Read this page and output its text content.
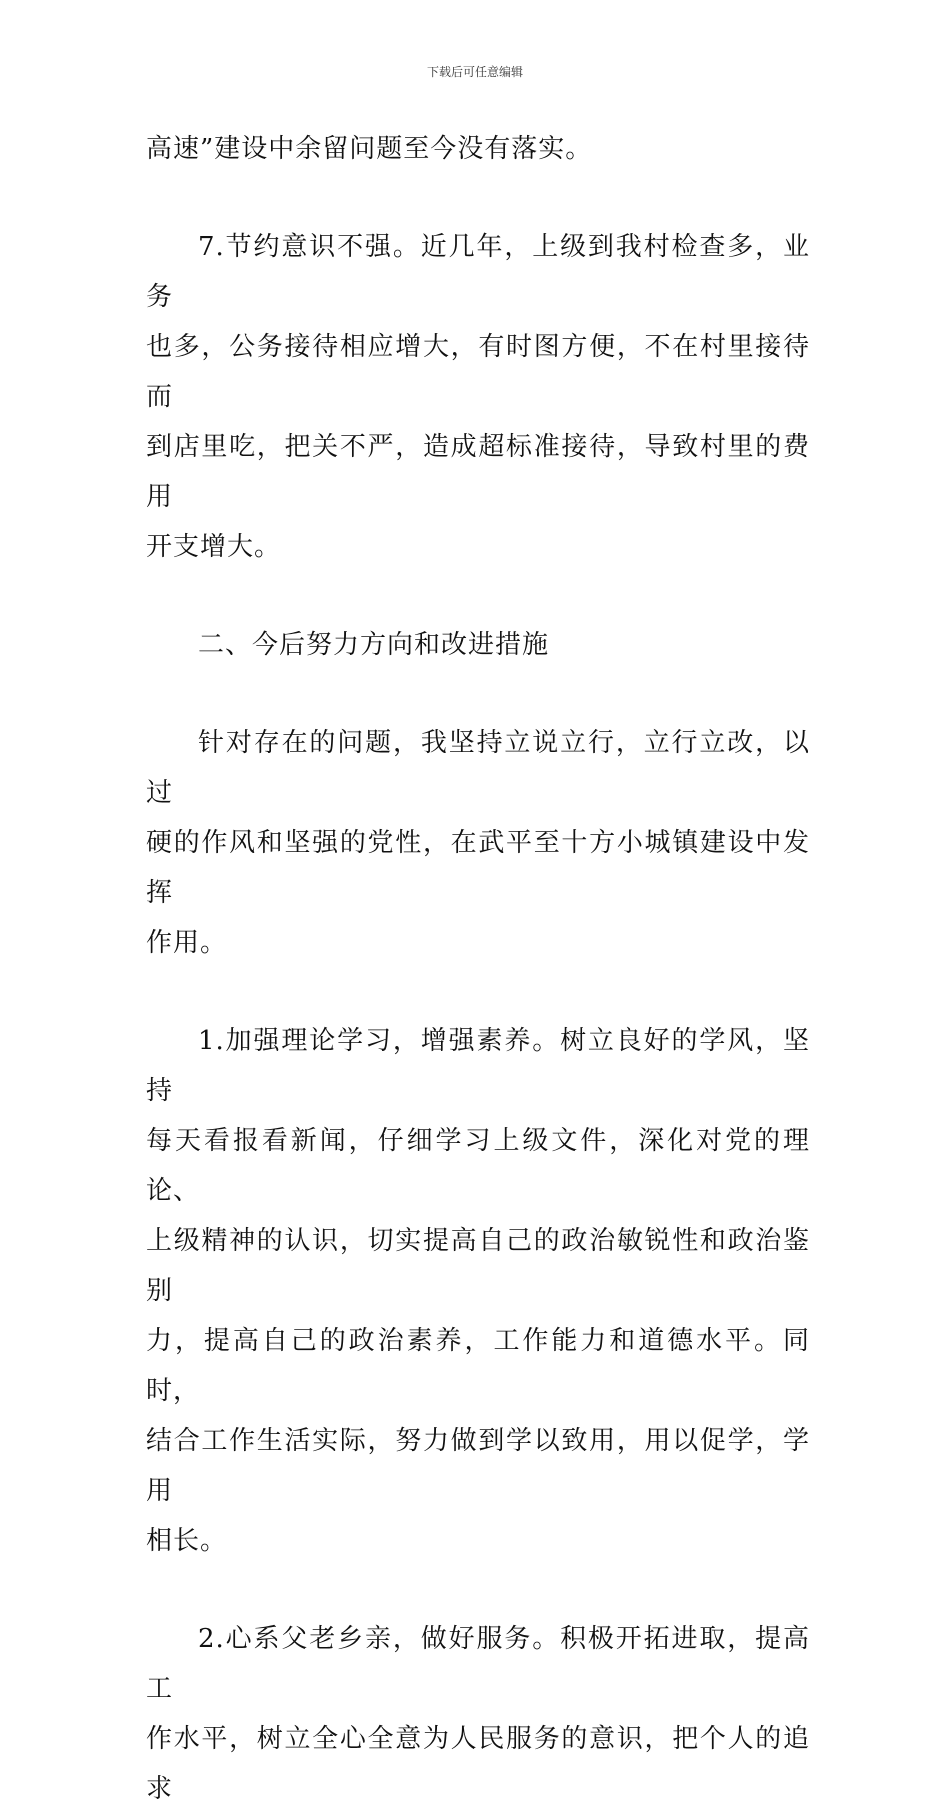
下载后可任意编辑
高速”建设中余留问题至今没有落实。
7.节约意识不强。近几年，上级到我村检查多，业务
也多，公务接待相应增大，有时图方便，不在村里接待而
到店里吃，把关不严，造成超标准接待，导致村里的费用
开支增大。
二、今后努力方向和改进措施
针对存在的问题，我坚持立说立行，立行立改，以过
硬的作风和坚强的党性，在武平至十方小城镇建设中发挥
作用。
1.加强理论学习，增强素养。树立良好的学风，坚持
每天看报看新闻，仔细学习上级文件，深化对党的理论、
上级精神的认识，切实提高自己的政治敏锐性和政治鉴别
力，提高自己的政治素养，工作能力和道德水平。同时，
结合工作生活实际，努力做到学以致用，用以促学，学用
相长。
2.心系父老乡亲，做好服务。积极开拓进取，提高工
作水平，树立全心全意为人民服务的意识，把个人的追求
